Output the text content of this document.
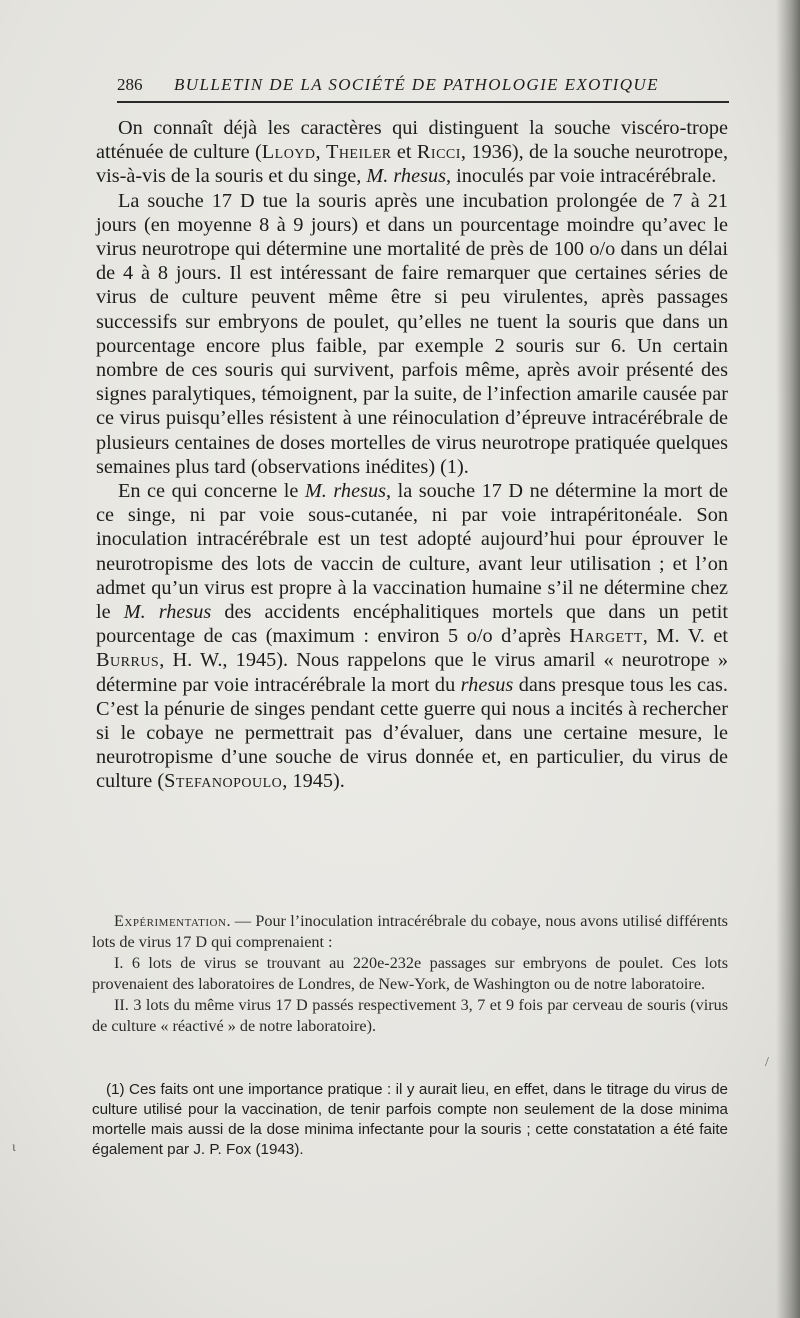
286 BULLETIN DE LA SOCIÉTÉ DE PATHOLOGIE EXOTIQUE

On connaît déjà les caractères qui distinguent la souche viscéro-trope atténuée de culture (Lloyd, Theiler et Ricci, 1936), de la souche neurotrope, vis-à-vis de la souris et du singe, M. rhesus, inoculés par voie intracérébrale.

La souche 17 D tue la souris après une incubation prolongée de 7 à 21 jours (en moyenne 8 à 9 jours) et dans un pourcentage moindre qu’avec le virus neurotrope qui détermine une mortalité de près de 100 o/o dans un délai de 4 à 8 jours. Il est intéressant de faire remarquer que certaines séries de virus de culture peuvent même être si peu virulentes, après passages successifs sur embryons de poulet, qu’elles ne tuent la souris que dans un pourcentage encore plus faible, par exemple 2 souris sur 6. Un certain nombre de ces souris qui survivent, parfois même, après avoir présenté des signes paralytiques, témoignent, par la suite, de l’infection amarile causée par ce virus puisqu’elles résistent à une réinoculation d’épreuve intracérébrale de plusieurs centaines de doses mortelles de virus neurotrope pratiquée quelques semaines plus tard (observations inédites) (1).

En ce qui concerne le M. rhesus, la souche 17 D ne détermine la mort de ce singe, ni par voie sous-cutanée, ni par voie intrapéritonéale. Son inoculation intracérébrale est un test adopté aujourd’hui pour éprouver le neurotropisme des lots de vaccin de culture, avant leur utilisation ; et l’on admet qu’un virus est propre à la vaccination humaine s’il ne détermine chez le M. rhesus des accidents encéphalitiques mortels que dans un petit pourcentage de cas (maximum : environ 5 o/o d’après Hargett, M. V. et Burrus, H. W., 1945). Nous rappelons que le virus amaril « neurotrope » détermine par voie intracérébrale la mort du rhesus dans presque tous les cas. C’est la pénurie de singes pendant cette guerre qui nous a incités à rechercher si le cobaye ne permettrait pas d’évaluer, dans une certaine mesure, le neurotropisme d’une souche de virus donnée et, en particulier, du virus de culture (Stefanopoulo, 1945).

Expérimentation. — Pour l’inoculation intracérébrale du cobaye, nous avons utilisé différents lots de virus 17 D qui comprenaient :

I. 6 lots de virus se trouvant au 220e-232e passages sur embryons de poulet. Ces lots provenaient des laboratoires de Londres, de New-York, de Washington ou de notre laboratoire.

II. 3 lots du même virus 17 D passés respectivement 3, 7 et 9 fois par cerveau de souris (virus de culture « réactivé » de notre laboratoire).

(1) Ces faits ont une importance pratique : il y aurait lieu, en effet, dans le titrage du virus de culture utilisé pour la vaccination, de tenir parfois compte non seulement de la dose minima mortelle mais aussi de la dose minima infectante pour la souris ; cette constatation a été faite également par J. P. Fox (1943).

ι
/
